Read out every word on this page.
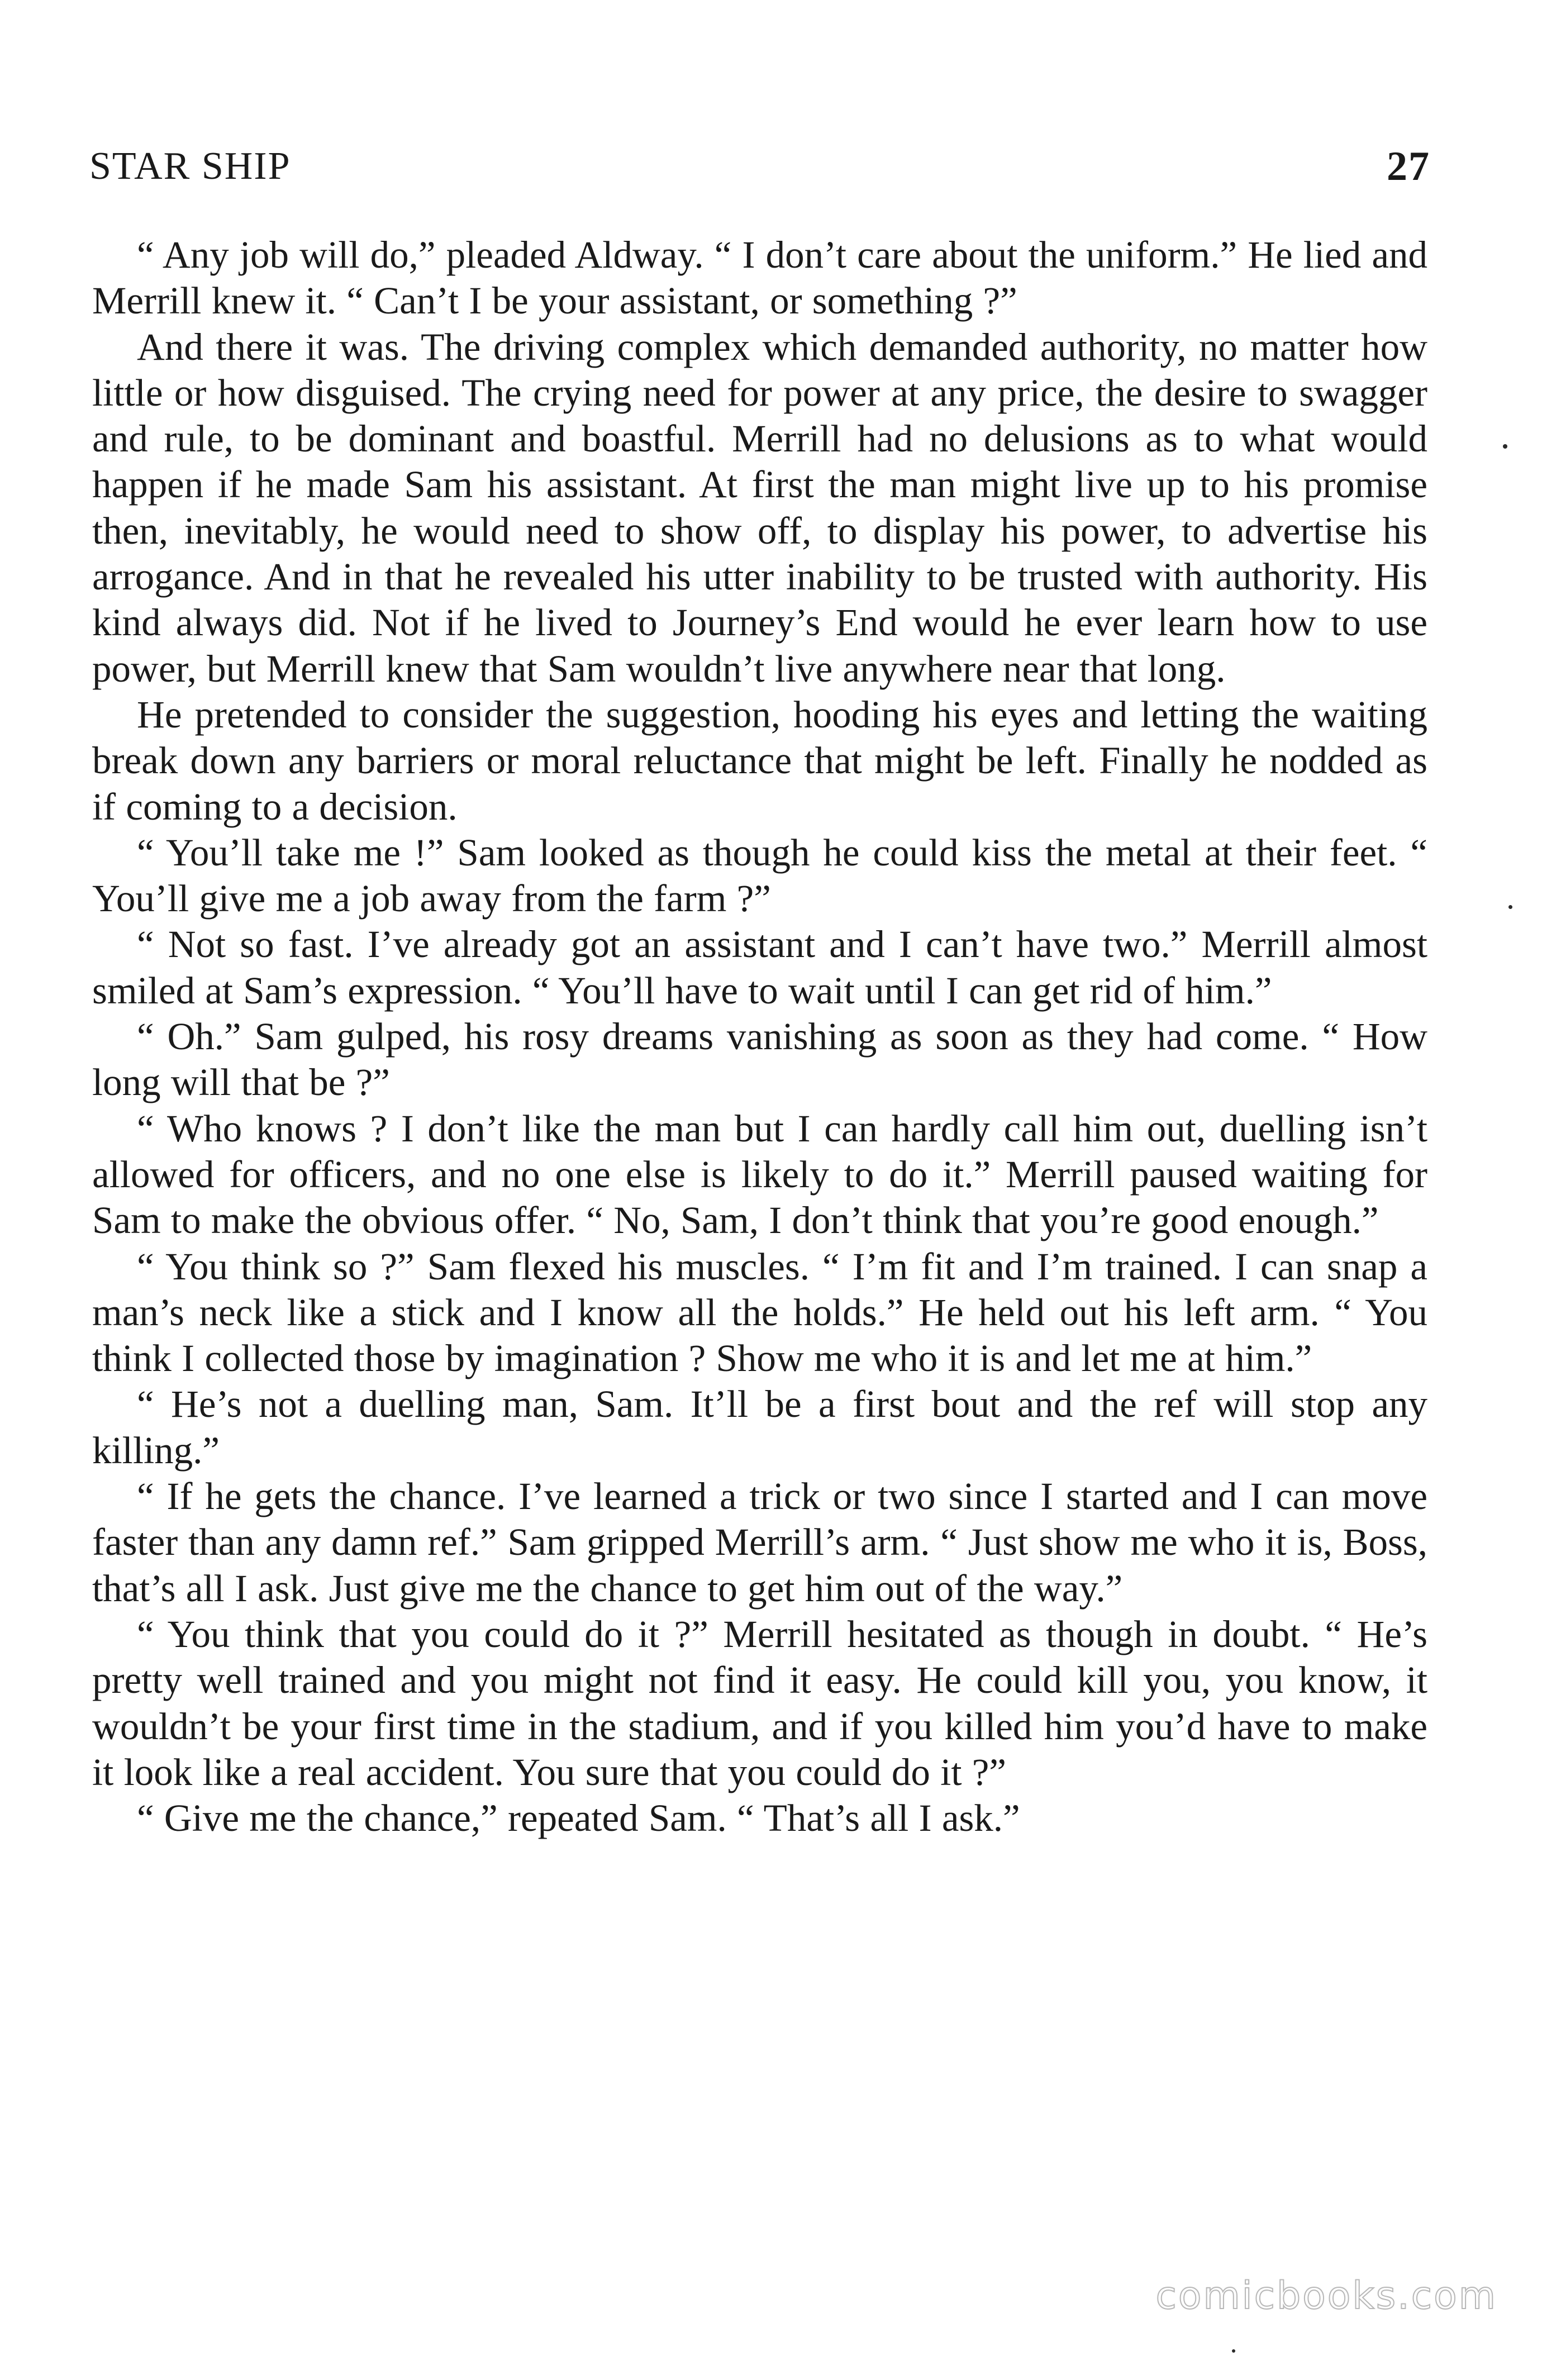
STAR SHIP	27

“ Any job will do,” pleaded Aldway. “ I don’t care about the uniform.” He lied and Merrill knew it. “ Can’t I be your assistant, or something ?”

And there it was. The driving complex which demanded authority, no matter how little or how disguised. The crying need for power at any price, the desire to swagger and rule, to be dominant and boastful. Merrill had no delusions as to what would happen if he made Sam his assistant. At first the man might live up to his promise then, inevitably, he would need to show off, to display his power, to advertise his arrogance. And in that he revealed his utter inability to be trusted with authority. His kind always did. Not if he lived to Journey’s End would he ever learn how to use power, but Merrill knew that Sam wouldn’t live anywhere near that long.

He pretended to consider the suggestion, hooding his eyes and letting the waiting break down any barriers or moral reluctance that might be left. Finally he nodded as if coming to a decision.

“ You’ll take me !” Sam looked as though he could kiss the metal at their feet. “ You’ll give me a job away from the farm ?”

“ Not so fast. I’ve already got an assistant and I can’t have two.” Merrill almost smiled at Sam’s expression. “ You’ll have to wait until I can get rid of him.”

“ Oh.” Sam gulped, his rosy dreams vanishing as soon as they had come. “ How long will that be ?”

“ Who knows ? I don’t like the man but I can hardly call him out, duelling isn’t allowed for officers, and no one else is likely to do it.” Merrill paused waiting for Sam to make the obvious offer. “ No, Sam, I don’t think that you’re good enough.”

“ You think so ?” Sam flexed his muscles. “ I’m fit and I’m trained. I can snap a man’s neck like a stick and I know all the holds.” He held out his left arm. “ You think I collected those by imagination ? Show me who it is and let me at him.”

“ He’s not a duelling man, Sam. It’ll be a first bout and the ref will stop any killing.”

“ If he gets the chance. I’ve learned a trick or two since I started and I can move faster than any damn ref.” Sam gripped Merrill’s arm. “ Just show me who it is, Boss, that’s all I ask. Just give me the chance to get him out of the way.”

“ You think that you could do it ?” Merrill hesitated as though in doubt. “ He’s pretty well trained and you might not find it easy. He could kill you, you know, it wouldn’t be your first time in the stadium, and if you killed him you’d have to make it look like a real accident. You sure that you could do it ?”

“ Give me the chance,” repeated Sam. “ That’s all I ask.”

comicbooks.com
